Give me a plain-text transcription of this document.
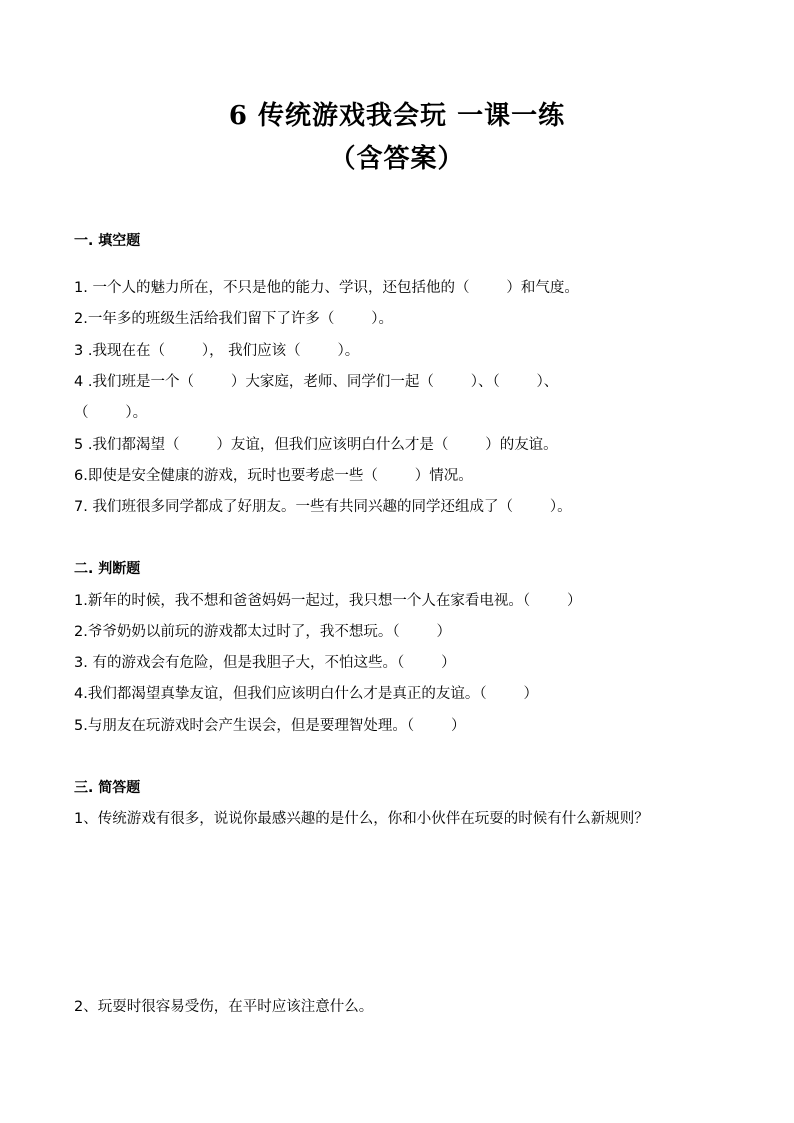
6 传统游戏我会玩 一课一练
（含答案）
一. 填空题
1. 一个人的魅力所在，不只是他的能力、学识，还包括他的（        ）和气度。
2.一年多的班级生活给我们留下了许多（        ）。
3 .我现在在（        ）， 我们应该（        ）。
4 .我们班是一个（        ）大家庭，老师、同学们一起（        ）、（        ）、
（        ）。
5 .我们都渴望（        ）友谊，但我们应该明白什么才是（        ）的友谊。
6.即使是安全健康的游戏，玩时也要考虑一些（        ）情况。
7. 我们班很多同学都成了好朋友。一些有共同兴趣的同学还组成了（        ）。
二. 判断题
1.新年的时候，我不想和爸爸妈妈一起过，我只想一个人在家看电视。（        ）
2.爷爷奶奶以前玩的游戏都太过时了，我不想玩。（        ）
3. 有的游戏会有危险，但是我胆子大，不怕这些。（        ）
4.我们都渴望真挚友谊，但我们应该明白什么才是真正的友谊。（        ）
5.与朋友在玩游戏时会产生误会，但是要理智处理。（        ）
三. 简答题
1、传统游戏有很多，说说你最感兴趣的是什么，你和小伙伴在玩耍的时候有什么新规则？
2、玩耍时很容易受伤，在平时应该注意什么。
